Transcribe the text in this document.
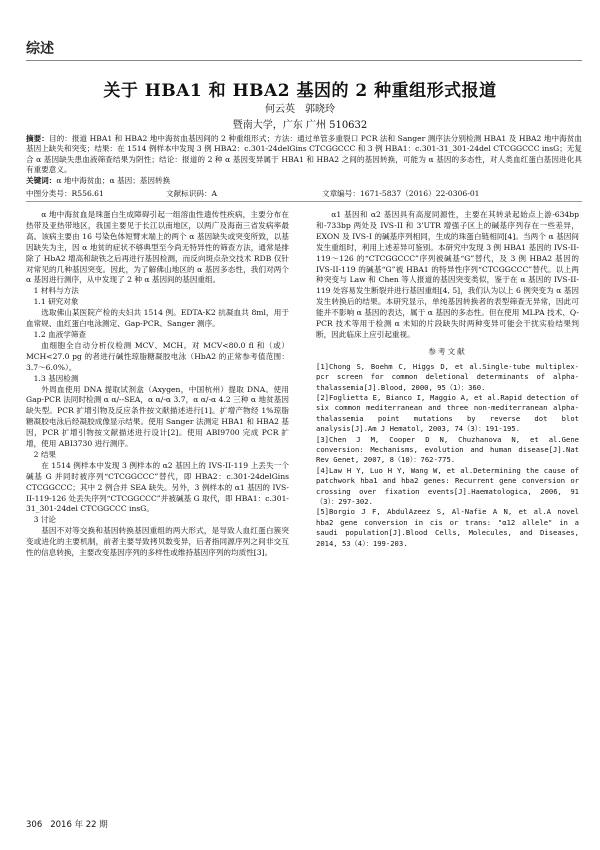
综述
关于 HBA1 和 HBA2 基因的 2 种重组形式报道
何云英　郭晓玲
暨南大学，广东 广州 510632
摘要：目的：报道 HBA1 和 HBA2 地中海贫血基因间的 2 种重组形式；方法：通过单管多重裂口 PCR 法和 Sanger 测序法分别检测 HBA1 及 HBA2 地中海贫血基因上缺失和突变；结果：在 1514 例样本中发现 3 例 HBA2：c.301-24delGins CTCGGCCC 和 3 例 HBA1：c.301-31_301-24del CTCGGCCC insG；无复合 α 基因缺失患血液筛查结果为阴性；结论：报道的 2 种 α 基因变异属于 HBA1 和 HBA2 之间的基因转换，可能为 α 基因的多态性，对人类血红蛋白基因进化具有重要意义。
关键词：α 地中海贫血；α 基因；基因转换
中图分类号：R556.61	文献标识码：A	文章编号：1671-5837（2016）22-0306-01

α 地中海贫血是珠蛋白生成障碍引起一组溶血性遗传性疾病，主要分布在热带及亚热带地区，我国主要见于长江以南地区，以两广及海南三省发病率最高。该病主要由 16 号染色体短臂末端上的两个 α 基因缺失或突变所致，以基因缺失为主，因 α 地贫的症状不够典型至今尚无特异性的筛查方法，通常是排除了 HbA2 增高和缺铁之后再进行基因检测，而反向斑点杂交技术 RDB 仅针对常见的几种基因突变。因此，为了解佛山地区的 α 基因多态性，我们对两个 α 基因进行测序，从中发现了 2 种 α 基因间的基因重组。

1 材料与方法

1.1 研究对象

选取佛山某医院产检的夫妇共 1514 例。EDTA-K2 抗凝血共 8ml，用于血常规、血红蛋白电泳测定、Gap-PCR、Sanger 测序。

1.2 血液学筛查

血细胞全自动分析仪检测 MCV、MCH。对 MCV<80.0 fl 和（或）MCH<27.0 pg 的者进行碱性琼脂糖凝胶电泳（HbA2 的正常参考值范围：3.7～6.0%）。

1.3 基因检测

外周血使用 DNA 提取试剂盒（Axygen，中国杭州）提取 DNA。使用 Gap-PCR 法同时检测 α α/--SEA，α α/-α 3.7，α α/-α 4.2 三种 α 地贫基因缺失型。PCR 扩增引物及反应条件按文献描述进行[1]。扩增产物经 1%琼脂糖凝胶电泳后经凝胶成像显示结果。使用 Sanger 法测定 HBA1 和 HBA2 基因，PCR 扩增引物按文献描述进行设计[2]。使用 ABI9700 完成 PCR 扩增，使用 ABI3730 进行测序。

2 结果

在 1514 例样本中发现 3 例样本的 α2 基因上的 IVS-II-119 上丢失一个碱基 G 并同时被序列“CTCGGCCC”替代，即 HBA2：c.301-24delGins CTCGGCCC；其中 2 例合并 SEA 缺失。另外，3 例样本的 α1 基因的 IVS-II-119-126 处丢失序列“CTCGGCCC”并被碱基 G 取代，即 HBA1：c.301-31_301-24del CTCGGCCC insG。

3 讨论

基因不对等交换和基因转换基因重组的两大形式，是导致人血红蛋白簇突变或进化的主要机制，前者主要导致拷贝数变异，后者指同源序列之间非交互性的信息转换，主要改变基因序列的多样性或维持基因序列的均质性[3]。

α1 基因和 α2 基因具有高度同源性，主要在其转录起始点上游-634bp 和-733bp 两处及 IVS-II 和 3’UTR 增强子区上的碱基序列存在一些差异，EXON 及 IVS-I 的碱基序列相同，生成的珠蛋白链相同[4]。当两个 α 基因间发生重组时，利用上述差异可鉴别。本研究中发现 3 例 HBA1 基因的 IVS-II-119～126 的“CTCGGCCC”序列被碱基“G”替代，及 3 例 HBA2 基因的 IVS-II-119 的碱基“G”被 HBA1 的特异性序列“CTCGGCCC”替代。以上两种突变与 Law 和 Chen 等人报道的基因突变类似，鉴于在 α 基因的 IVS-II-119 处容易发生断裂并进行基因重组[4, 5]，我们认为以上 6 例突变为 α 基因发生转换后的结果。本研究显示，单纯基因转换者的表型筛查无异常，因此可能并不影响 α 基因的表达，属于 α 基因的多态性。但在使用 MLPA 技术、Q-PCR 技术等用于检测 α 未知的片段缺失时两种变异可能会干扰实验结果判断，因此临床上应引起重视。

参考文献

[1]Chong S, Boehm C, Higgs D, et al.Single-tube multiplex-pcr screen for common deletional determinants of alpha-thalassemia[J].Blood, 2000, 95（1）：360.

[2]Foglietta E, Bianco I, Maggio A, et al.Rapid detection of six common mediterranean and three non-mediterranean alpha-thalassemia point mutations by reverse dot blot analysis[J].Am J Hematol, 2003, 74（3）：191-195.

[3]Chen J M, Cooper D N, Chuzhanova N, et al.Gene conversion: Mechanisms, evolution and human disease[J].Nat Rev Genet, 2007, 8（10）：762-775.

[4]Law H Y, Luo H Y, Wang W, et al.Determining the cause of patchwork hba1 and hba2 genes: Recurrent gene conversion or crossing over fixation events[J].Haematologica, 2006, 91（3）：297-302.

[5]Borgio J F, AbdulAzeez S, Al-Nafie A N, et al.A novel hba2 gene conversion in cis or trans: "α12 allele" in a saudi population[J].Blood Cells, Molecules, and Diseases, 2014, 53（4）：199-203.

306 2016 年 22 期
